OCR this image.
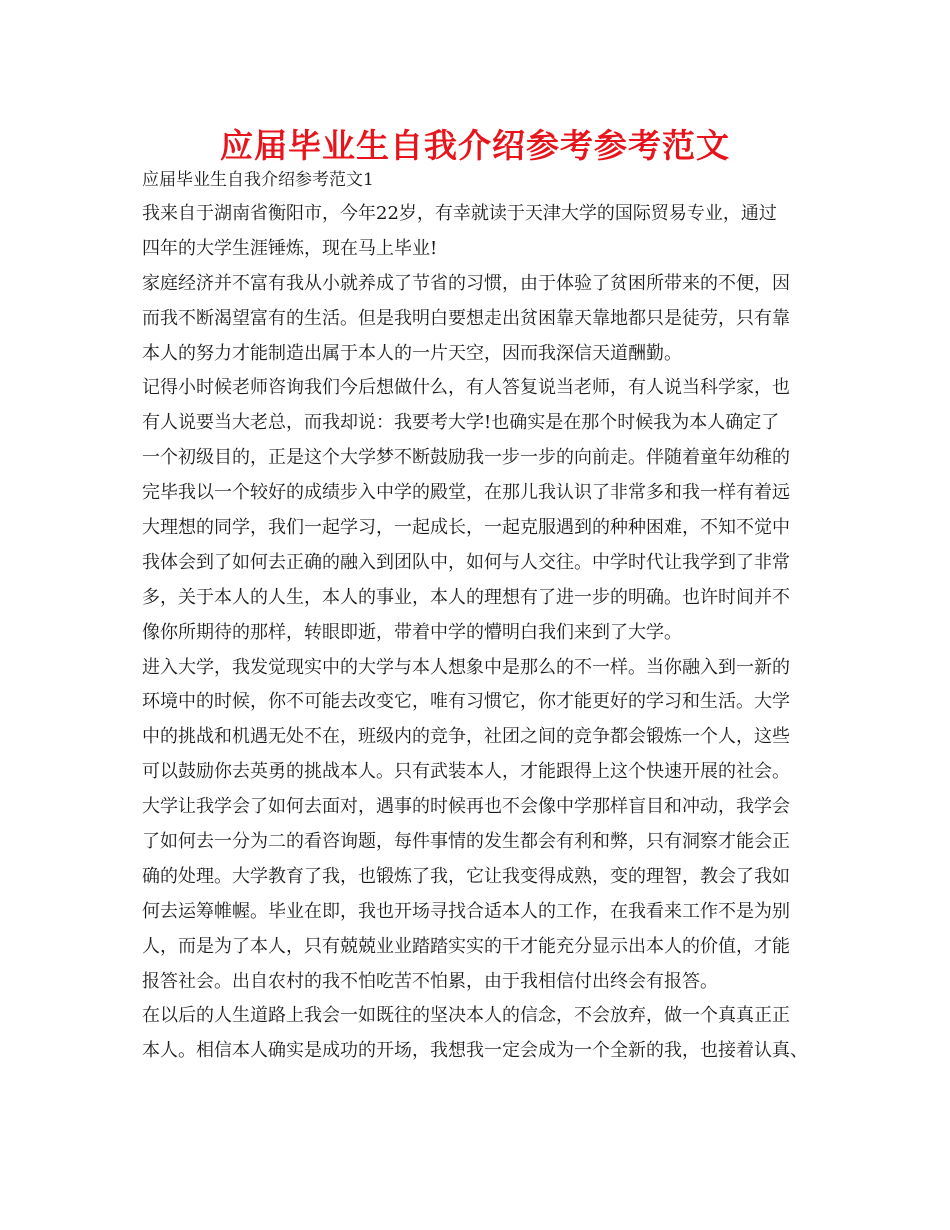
应届毕业生自我介绍参考参考范文
应届毕业生自我介绍参考范文1
我来自于湖南省衡阳市，今年22岁，有幸就读于天津大学的国际贸易专业，通过
四年的大学生涯锤炼，现在马上毕业!
家庭经济并不富有我从小就养成了节省的习惯，由于体验了贫困所带来的不便，因
而我不断渴望富有的生活。但是我明白要想走出贫困靠天靠地都只是徒劳，只有靠
本人的努力才能制造出属于本人的一片天空，因而我深信天道酬勤。
记得小时候老师咨询我们今后想做什么，有人答复说当老师，有人说当科学家，也
有人说要当大老总，而我却说：我要考大学!也确实是在那个时候我为本人确定了
一个初级目的，正是这个大学梦不断鼓励我一步一步的向前走。伴随着童年幼稚的
完毕我以一个较好的成绩步入中学的殿堂，在那儿我认识了非常多和我一样有着远
大理想的同学，我们一起学习，一起成长，一起克服遇到的种种困难，不知不觉中
我体会到了如何去正确的融入到团队中，如何与人交往。中学时代让我学到了非常
多，关于本人的人生，本人的事业，本人的理想有了进一步的明确。也许时间并不
像你所期待的那样，转眼即逝，带着中学的懵明白我们来到了大学。
进入大学，我发觉现实中的大学与本人想象中是那么的不一样。当你融入到一新的
环境中的时候，你不可能去改变它，唯有习惯它，你才能更好的学习和生活。大学
中的挑战和机遇无处不在，班级内的竞争，社团之间的竞争都会锻炼一个人，这些
可以鼓励你去英勇的挑战本人。只有武装本人，才能跟得上这个快速开展的社会。
大学让我学会了如何去面对，遇事的时候再也不会像中学那样盲目和冲动，我学会
了如何去一分为二的看咨询题，每件事情的发生都会有利和弊，只有洞察才能会正
确的处理。大学教育了我，也锻炼了我，它让我变得成熟，变的理智，教会了我如
何去运筹帷幄。毕业在即，我也开场寻找合适本人的工作，在我看来工作不是为别
人，而是为了本人，只有兢兢业业踏踏实实的干才能充分显示出本人的价值，才能
报答社会。出自农村的我不怕吃苦不怕累，由于我相信付出终会有报答。
在以后的人生道路上我会一如既往的坚决本人的信念，不会放弃，做一个真真正正
本人。相信本人确实是成功的开场，我想我一定会成为一个全新的我，也接着认真、
